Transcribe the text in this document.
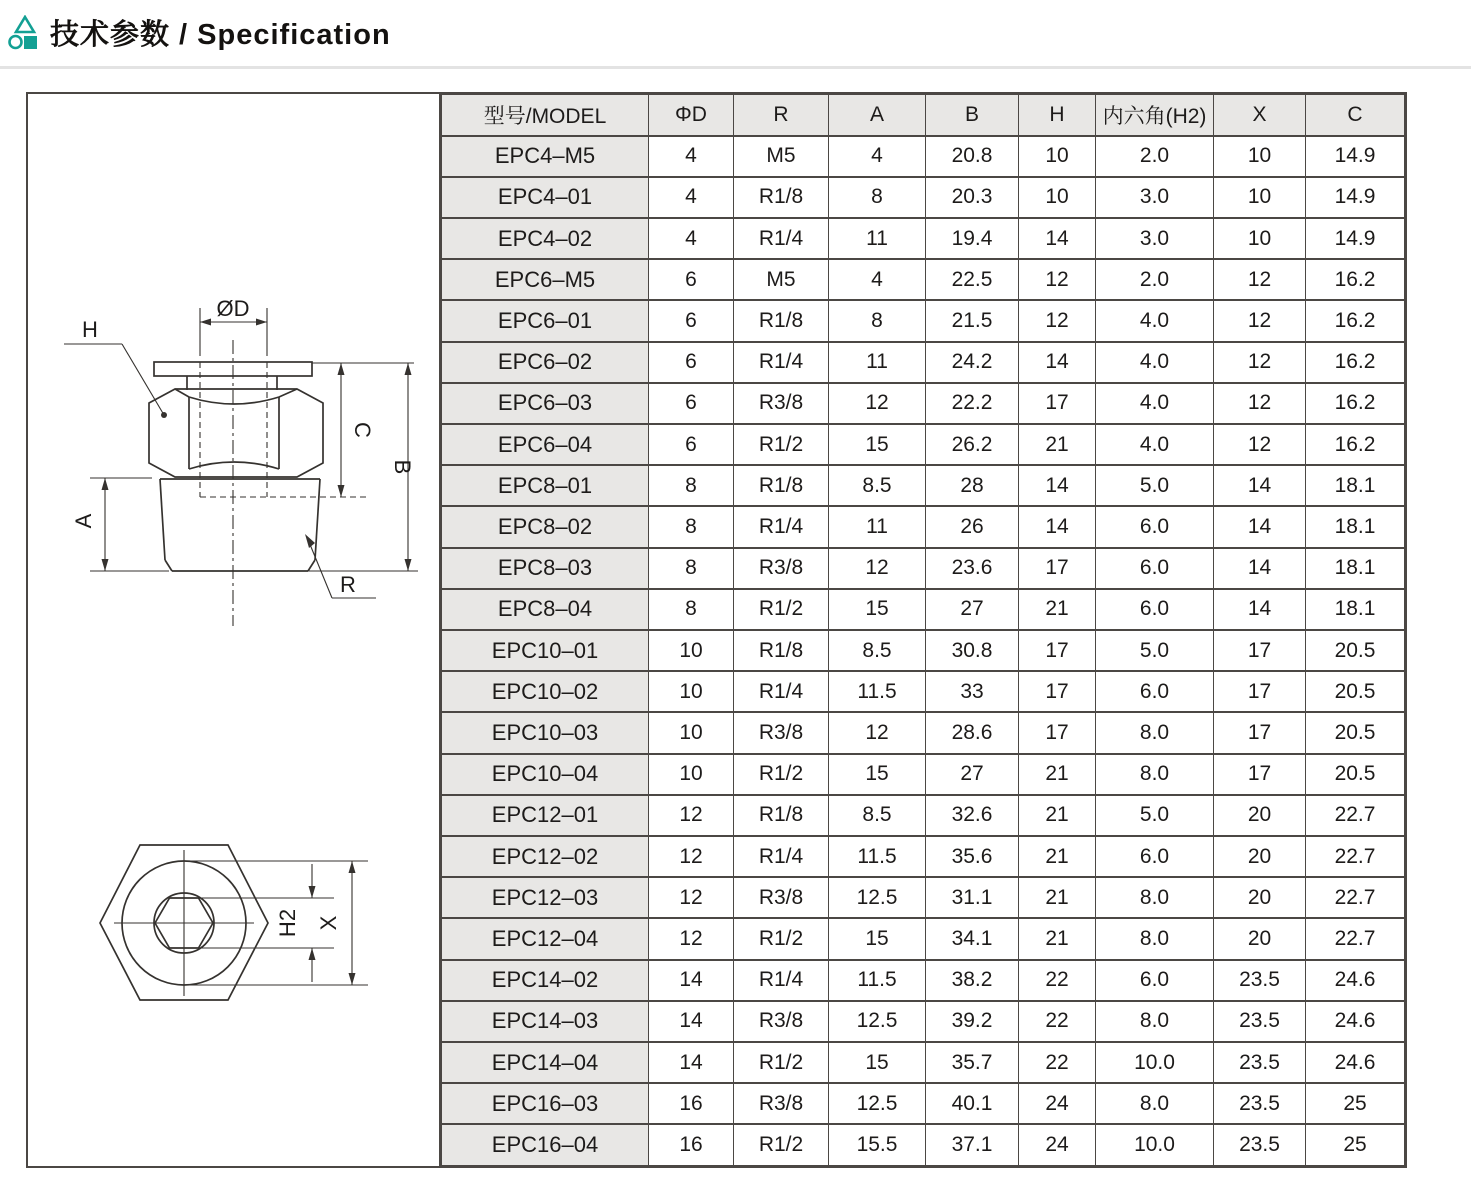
技术参数 / Specification
ØD
H
C
B
A
R
H2 X
型号/MODEL	ΦD	R	A	B	H	内六角(H2)	X	C
EPC4–M5	4	M5	4	20.8	10	2.0	10	14.9
EPC4–01	4	R1/8	8	20.3	10	3.0	10	14.9
EPC4–02	4	R1/4	11	19.4	14	3.0	10	14.9
EPC6–M5	6	M5	4	22.5	12	2.0	12	16.2
EPC6–01	6	R1/8	8	21.5	12	4.0	12	16.2
EPC6–02	6	R1/4	11	24.2	14	4.0	12	16.2
EPC6–03	6	R3/8	12	22.2	17	4.0	12	16.2
EPC6–04	6	R1/2	15	26.2	21	4.0	12	16.2
EPC8–01	8	R1/8	8.5	28	14	5.0	14	18.1
EPC8–02	8	R1/4	11	26	14	6.0	14	18.1
EPC8–03	8	R3/8	12	23.6	17	6.0	14	18.1
EPC8–04	8	R1/2	15	27	21	6.0	14	18.1
EPC10–01	10	R1/8	8.5	30.8	17	5.0	17	20.5
EPC10–02	10	R1/4	11.5	33	17	6.0	17	20.5
EPC10–03	10	R3/8	12	28.6	17	8.0	17	20.5
EPC10–04	10	R1/2	15	27	21	8.0	17	20.5
EPC12–01	12	R1/8	8.5	32.6	21	5.0	20	22.7
EPC12–02	12	R1/4	11.5	35.6	21	6.0	20	22.7
EPC12–03	12	R3/8	12.5	31.1	21	8.0	20	22.7
EPC12–04	12	R1/2	15	34.1	21	8.0	20	22.7
EPC14–02	14	R1/4	11.5	38.2	22	6.0	23.5	24.6
EPC14–03	14	R3/8	12.5	39.2	22	8.0	23.5	24.6
EPC14–04	14	R1/2	15	35.7	22	10.0	23.5	24.6
EPC16–03	16	R3/8	12.5	40.1	24	8.0	23.5	25
EPC16–04	16	R1/2	15.5	37.1	24	10.0	23.5	25
